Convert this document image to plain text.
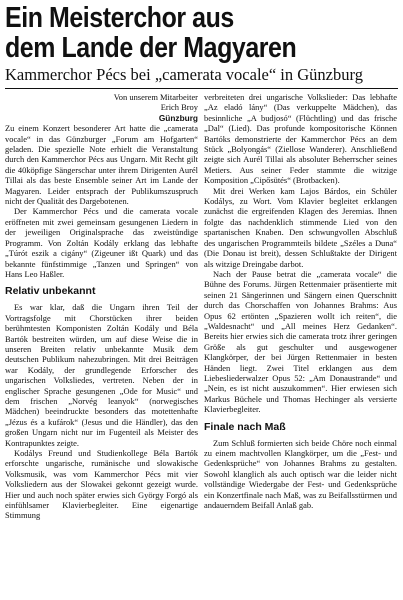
Ein Meisterchor aus
dem Lande der Magyaren
Kammerchor Pécs bei „camerata vocale“ in Günzburg

Von unserem Mitarbeiter
Erich Broy

Günzburg

Zu einem Konzert besonderer Art hatte die „camerata vocale“ in das Günzburger „Forum am Hofgarten“ geladen. Die spezielle Note erhielt die Veranstaltung durch den Kammerchor Pécs aus Ungarn. Mit Recht gilt die 40köpfige Sängerschar unter ihrem Dirigenten Aurél Tillai als das beste Ensemble seiner Art im Lande der Magyaren. Leider entsprach der Publikumszuspruch nicht der Qualität des Dargebotenen.

Der Kammerchor Pécs und die camerata vocale eröffneten mit zwei gemeinsam gesungenen Liedern in der jeweiligen Originalsprache das zweistündige Programm. Von Zoltán Kodály erklang das lebhafte „Túrót eszik a cigány“ (Zigeuner ißt Quark) und das bekannte fünfstimmige „Tanzen und Springen“ von Hans Leo Haßler.

Relativ unbekannt

Es war klar, daß die Ungarn ihren Teil der Vortragsfolge mit Chorstücken ihrer beiden berühmtesten Komponisten Zoltán Kodály und Béla Bartók bestreiten würden, um auf diese Weise die in unseren Breiten relativ unbekannte Musik dem deutschen Publikum nahezubringen. Mit drei Beiträgen war Kodály, der grundlegende Erforscher des ungarischen Volksliedes, vertreten. Neben der in englischer Sprache gesungenen „Ode for Music“ und dem frischen „Norvég leanyok“ (norwegisches Mädchen) beeindruckte besonders das motettenhafte „Jézus és a kufárok“ (Jesus und die Händler), das den großen Ungarn nicht nur im Fugenteil als Meister des Kontrapunktes zeigte.

Kodálys Freund und Studienkollege Béla Bartók erforschte ungarische, rumänische und slowakische Volksmusik, was vom Kammerchor Pécs mit vier Volksliedern aus der Slowakei gekonnt gezeigt wurde. Hier und auch noch später erwies sich György Forgó als einfühlsamer Klavierbegleiter. Eine eigenartige Stimmung

verbreiteten drei ungarische Volkslieder: Das lebhafte „Az eladó lány“ (Das verkuppelte Mädchen), das besinnliche „A budjosó“ (Flüchtling) und das frische „Dal“ (Lied). Das profunde kompositorische Können Bartóks demonstrierte der Kammerchor Pécs an dem Stück „Bolyongás“ (Ziellose Wanderer). Anschließend zeigte sich Aurél Tillai als absoluter Beherrscher seines Metiers. Aus seiner Feder stammte die witzige Komposition „Cipősütés“ (Brotbacken).

Mit drei Werken kam Lajos Bárdos, ein Schüler Kodálys, zu Wort. Vom Klavier begleitet erklangen zunächst die ergreifenden Klagen des Jeremias. Ihnen folgte das nachdenklich stimmende Lied von den spartanischen Knaben. Den schwungvollen Abschluß des ungarischen Programmteils bildete „Széles a Duna“ (Die Donau ist breit), dessen Schlußtakte der Dirigent als witzige Dreingabe darbot.

Nach der Pause betrat die „camerata vocale“ die Bühne des Forums. Jürgen Rettenmaier präsentierte mit seinen 21 Sängerinnen und Sängern einen Querschnitt durch das Chorschaffen von Johannes Brahms: Aus Opus 62 ertönten „Spazieren wollt ich reiten“, die „Waldesnacht“ und „All meines Herz Gedanken“. Bereits hier erwies sich die camerata trotz ihrer geringen Größe als gut geschulter und ausgewogener Klangkörper, der bei Jürgen Rettenmaier in besten Händen liegt. Zwei Titel erklangen aus dem Liebesliederwalzer Opus 52: „Am Donaustrande“ und „Nein, es ist nicht auszukommen“. Hier erwiesen sich Markus Büchele und Thomas Hechinger als versierte Klavierbegleiter.

Finale nach Maß

Zum Schluß formierten sich beide Chöre noch einmal zu einem machtvollen Klangkörper, um die „Fest- und Gedenksprüche“ von Johannes Brahms zu gestalten. Sowohl klanglich als auch optisch war die leider nicht vollständige Wiedergabe der Fest- und Gedenksprüche ein Konzertfinale nach Maß, was zu Beifallsstürmen und andauerndem Beifall Anlaß gab.
